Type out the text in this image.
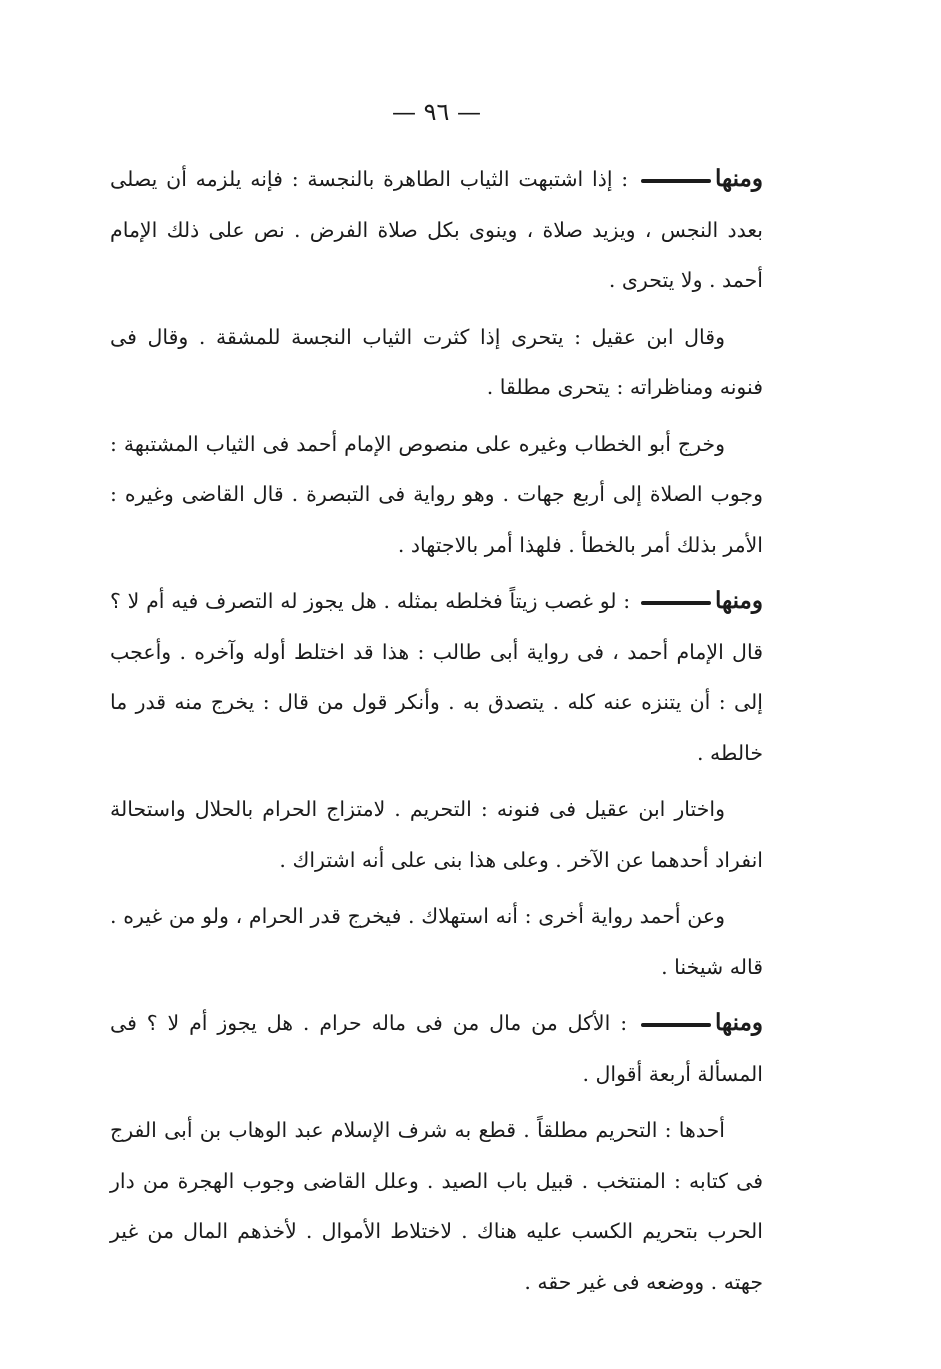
— ٩٦ —

ومنها : إذا اشتبهت الثياب الطاهرة بالنجسة : فإنه يلزمه أن يصلى بعدد النجس ، ويزيد صلاة ، وينوى بكل صلاة الفرض . نص على ذلك الإمام أحمد . ولا يتحرى .

وقال ابن عقيل : يتحرى إذا كثرت الثياب النجسة للمشقة . وقال فى فنونه ومناظراته : يتحرى مطلقا .

وخرج أبو الخطاب وغيره على منصوص الإمام أحمد فى الثياب المشتبهة : وجوب الصلاة إلى أربع جهات . وهو رواية فى التبصرة . قال القاضى وغيره : الأمر بذلك أمر بالخطأ . فلهذا أمر بالاجتهاد .

ومنها : لو غصب زيتاً فخلطه بمثله . هل يجوز له التصرف فيه أم لا ؟ قال الإمام أحمد ، فى رواية أبى طالب : هذا قد اختلط أوله وآخره . وأعجب إلى : أن يتنزه عنه كله . يتصدق به . وأنكر قول من قال : يخرج منه قدر ما خالطه .

واختار ابن عقيل فى فنونه : التحريم . لامتزاج الحرام بالحلال واستحالة انفراد أحدهما عن الآخر . وعلى هذا بنى على أنه اشتراك .

وعن أحمد رواية أخرى : أنه استهلاك . فيخرج قدر الحرام ، ولو من غيره . قاله شيخنا .

ومنها : الأكل من مال من فى ماله حرام . هل يجوز أم لا ؟ فى المسألة أربعة أقوال .

أحدها : التحريم مطلقاً . قطع به شرف الإسلام عبد الوهاب بن أبى الفرج فى كتابه : المنتخب . قبيل باب الصيد . وعلل القاضى وجوب الهجرة من دار الحرب بتحريم الكسب عليه هناك . لاختلاط الأموال . لأخذهم المال من غير جهته . ووضعه فى غير حقه .
